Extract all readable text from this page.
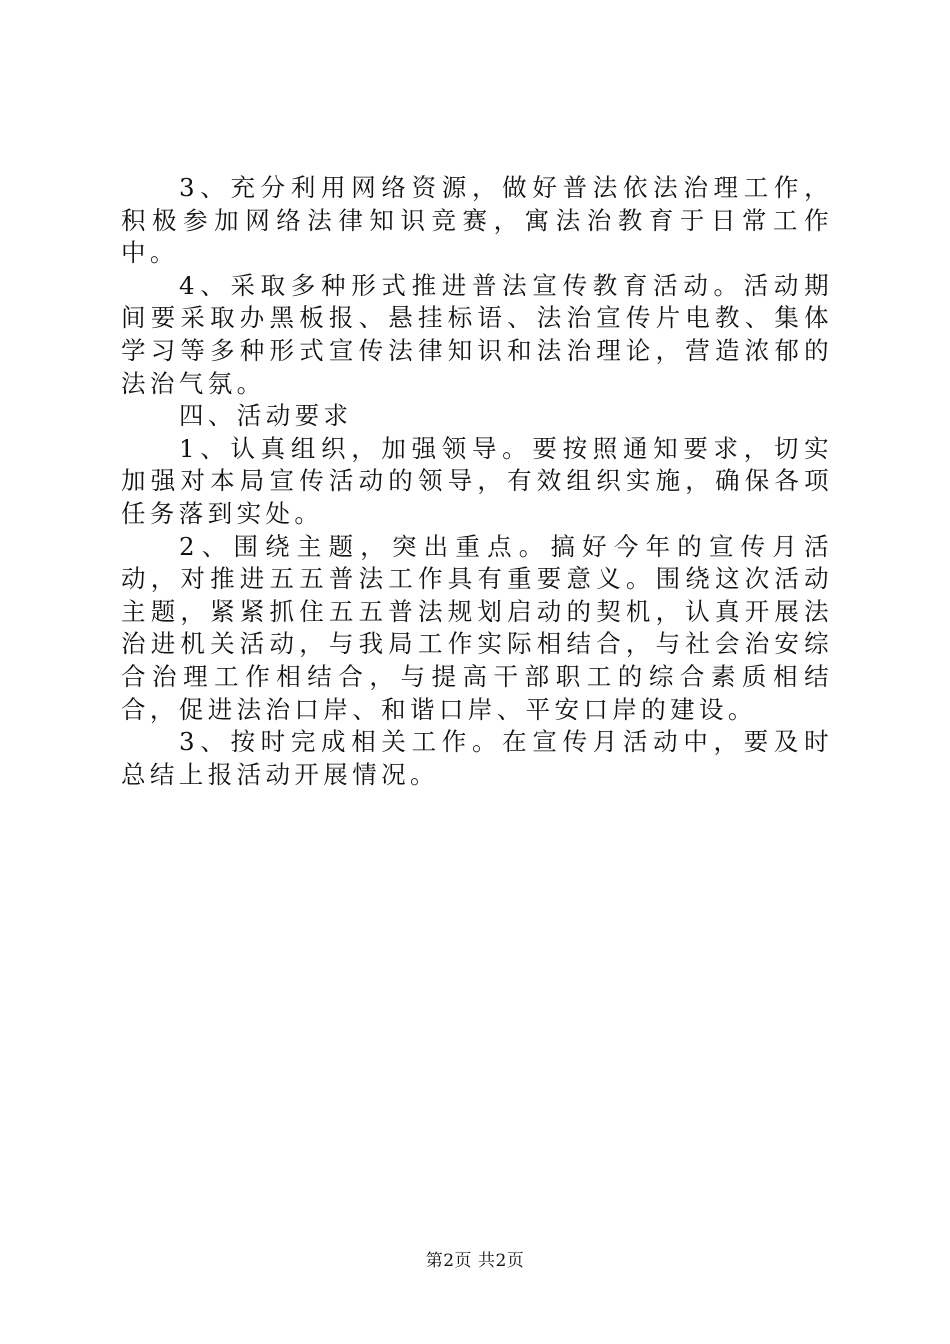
3、充分利用网络资源，做好普法依法治理工作，积极参加网络法律知识竞赛，寓法治教育于日常工作中。

4、采取多种形式推进普法宣传教育活动。活动期间要采取办黑板报、悬挂标语、法治宣传片电教、集体学习等多种形式宣传法律知识和法治理论，营造浓郁的法治气氛。

四、活动要求

1、认真组织，加强领导。要按照通知要求，切实加强对本局宣传活动的领导，有效组织实施，确保各项任务落到实处。

2、围绕主题，突出重点。搞好今年的宣传月活动，对推进五五普法工作具有重要意义。围绕这次活动主题，紧紧抓住五五普法规划启动的契机，认真开展法治进机关活动，与我局工作实际相结合，与社会治安综合治理工作相结合，与提高干部职工的综合素质相结合，促进法治口岸、和谐口岸、平安口岸的建设。

3、按时完成相关工作。在宣传月活动中，要及时总结上报活动开展情况。

第2页 共2页
